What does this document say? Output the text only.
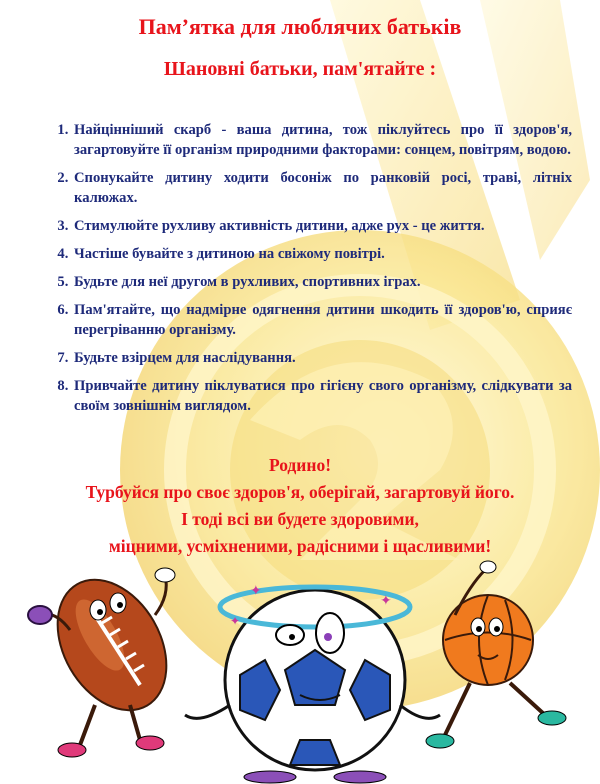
Пам’ятка для люблячих батьків
Шановні батьки, пам'ятайте :
1. Найцінніший скарб - ваша дитина, тож піклуйтесь про її здоров'я, загартовуйте її організм природними факторами: сонцем, повітрям, водою.
2. Спонукайте дитину ходити босоніж по ранковій росі, траві, літніх калюжах.
3. Стимулюйте рухливу активність дитини, адже рух - це життя.
4. Частіше бувайте з дитиною на свіжому повітрі.
5. Будьте для неї другом в рухливих, спортивних іграх.
6. Пам'ятайте, що надмірне одягнення дитини шкодить її здоров'ю, сприяє перегріванню організму.
7. Будьте взірцем для наслідування.
8. Привчайте дитину піклуватися про гігієну свого організму, слідкувати за своїм зовнішнім виглядом.
Родино!
Турбуйся про своє здоров'я, оберігай, загартовуй його.
І тоді всі ви будете здоровими,
міцними, усміхненими, радісними і щасливими!
✦
✦
✦
